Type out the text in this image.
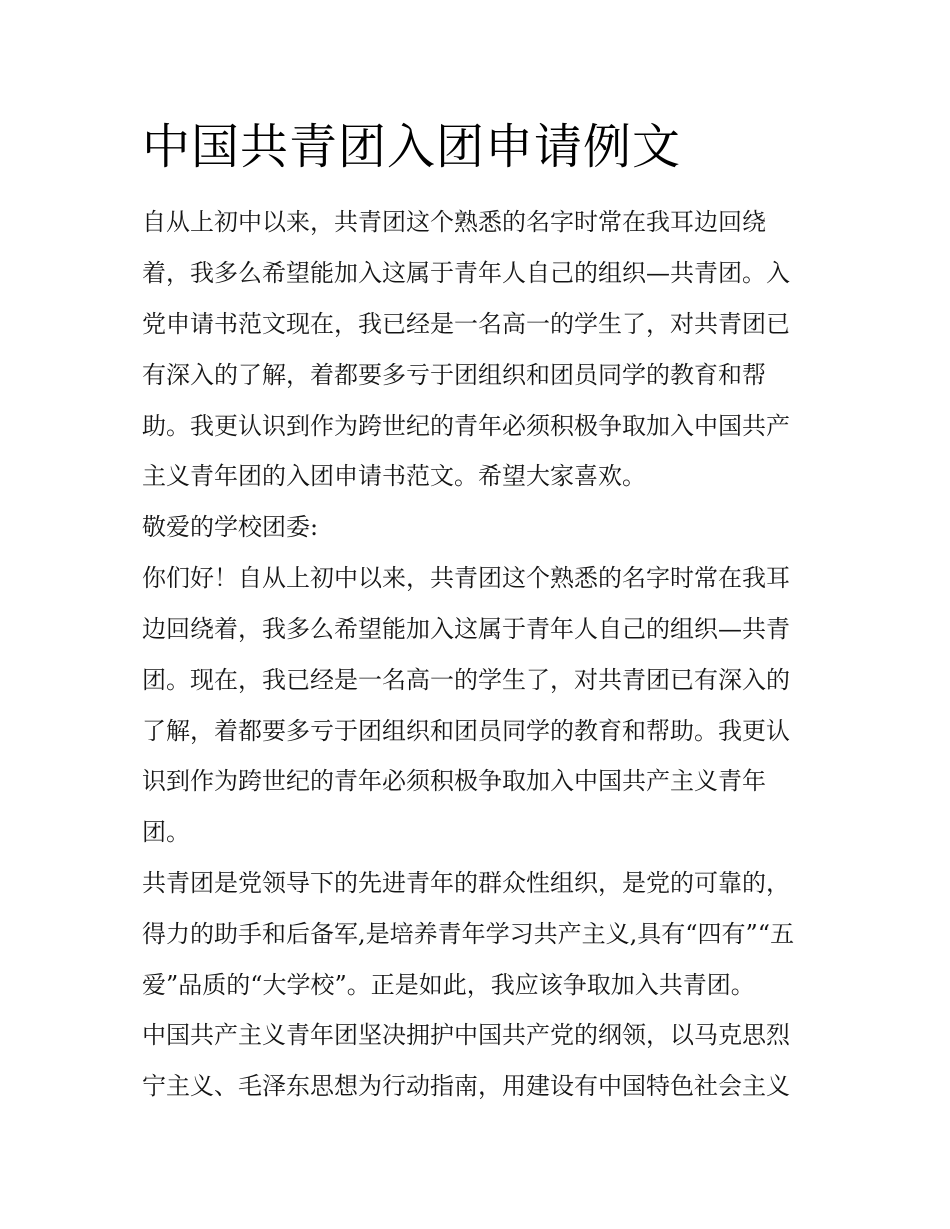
中国共青团入团申请例文

自从上初中以来，共青团这个熟悉的名字时常在我耳边回绕

着，我多么希望能加入这属于青年人自己的组织—共青团。入

党申请书范文现在，我已经是一名高一的学生了，对共青团已

有深入的了解，着都要多亏于团组织和团员同学的教育和帮

助。我更认识到作为跨世纪的青年必须积极争取加入中国共产

主义青年团的入团申请书范文。希望大家喜欢。

敬爱的学校团委:

你们好！自从上初中以来，共青团这个熟悉的名字时常在我耳

边回绕着，我多么希望能加入这属于青年人自己的组织—共青

团。现在，我已经是一名高一的学生了，对共青团已有深入的

了解，着都要多亏于团组织和团员同学的教育和帮助。我更认

识到作为跨世纪的青年必须积极争取加入中国共产主义青年

团。

共青团是党领导下的先进青年的群众性组织，是党的可靠的，

得力的助手和后备军,是培养青年学习共产主义,具有“四有”“五

爱”品质的“大学校”。正是如此，我应该争取加入共青团。

中国共产主义青年团坚决拥护中国共产党的纲领，以马克思烈

宁主义、毛泽东思想为行动指南，用建设有中国特色社会主义
